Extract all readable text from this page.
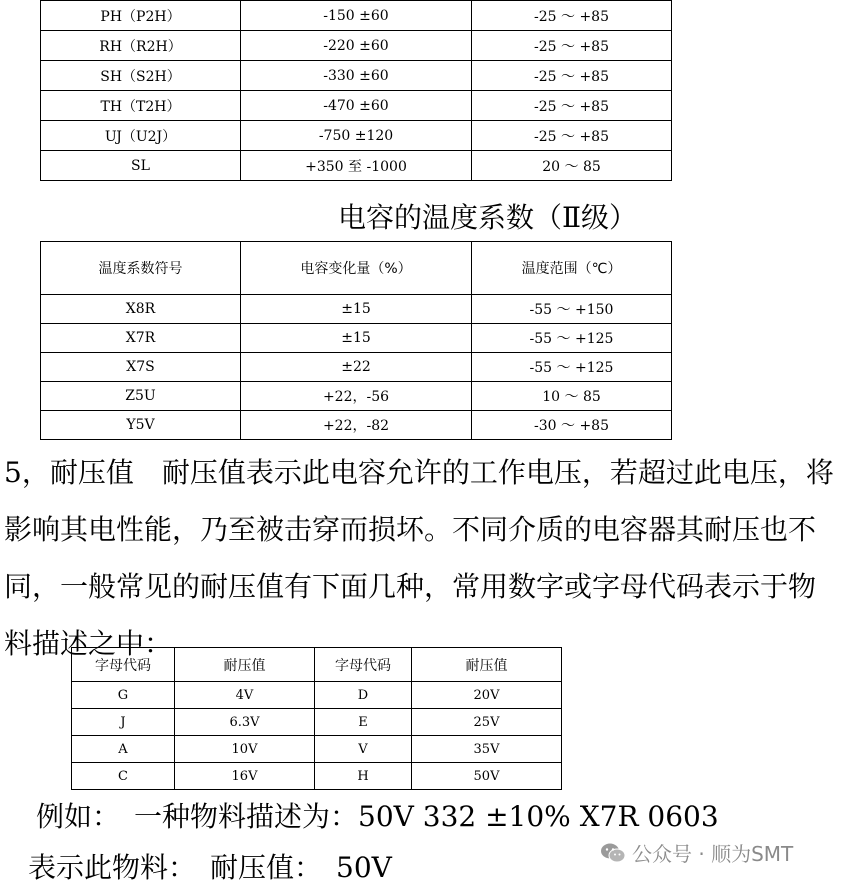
PH（P2H）	-150 ±60	-25 ～ +85
RH（R2H）	-220 ±60	-25 ～ +85
SH（S2H）	-330 ±60	-25 ～ +85
TH（T2H）	-470 ±60	-25 ～ +85
UJ（U2J）	-750 ±120	-25 ～ +85
SL	+350 至 -1000	20 ～ 85
电容的温度系数（Ⅱ级）
温度系数符号	电容变化量（%）	温度范围（℃）
X8R	±15	-55 ～ +150
X7R	±15	-55 ～ +125
X7S	±22	-55 ～ +125
Z5U	+22，-56	10 ～ 85
Y5V	+22，-82	-30 ～ +85

5，耐压值　耐压值表示此电容允许的工作电压，若超过此电压，将影响其电性能，乃至被击穿而损坏。不同介质的电容器其耐压也不同，一般常见的耐压值有下面几种，常用数字或字母代码表示于物料描述之中：

字母代码	耐压值	字母代码	耐压值
G	4V	D	20V
J	6.3V	E	25V
A	10V	V	35V
C	16V	H	50V
例如：　一种物料描述为：50V 332 ±10% X7R 0603
表示此物料：　耐压值：　50V	公众号 · 顺为SMT
